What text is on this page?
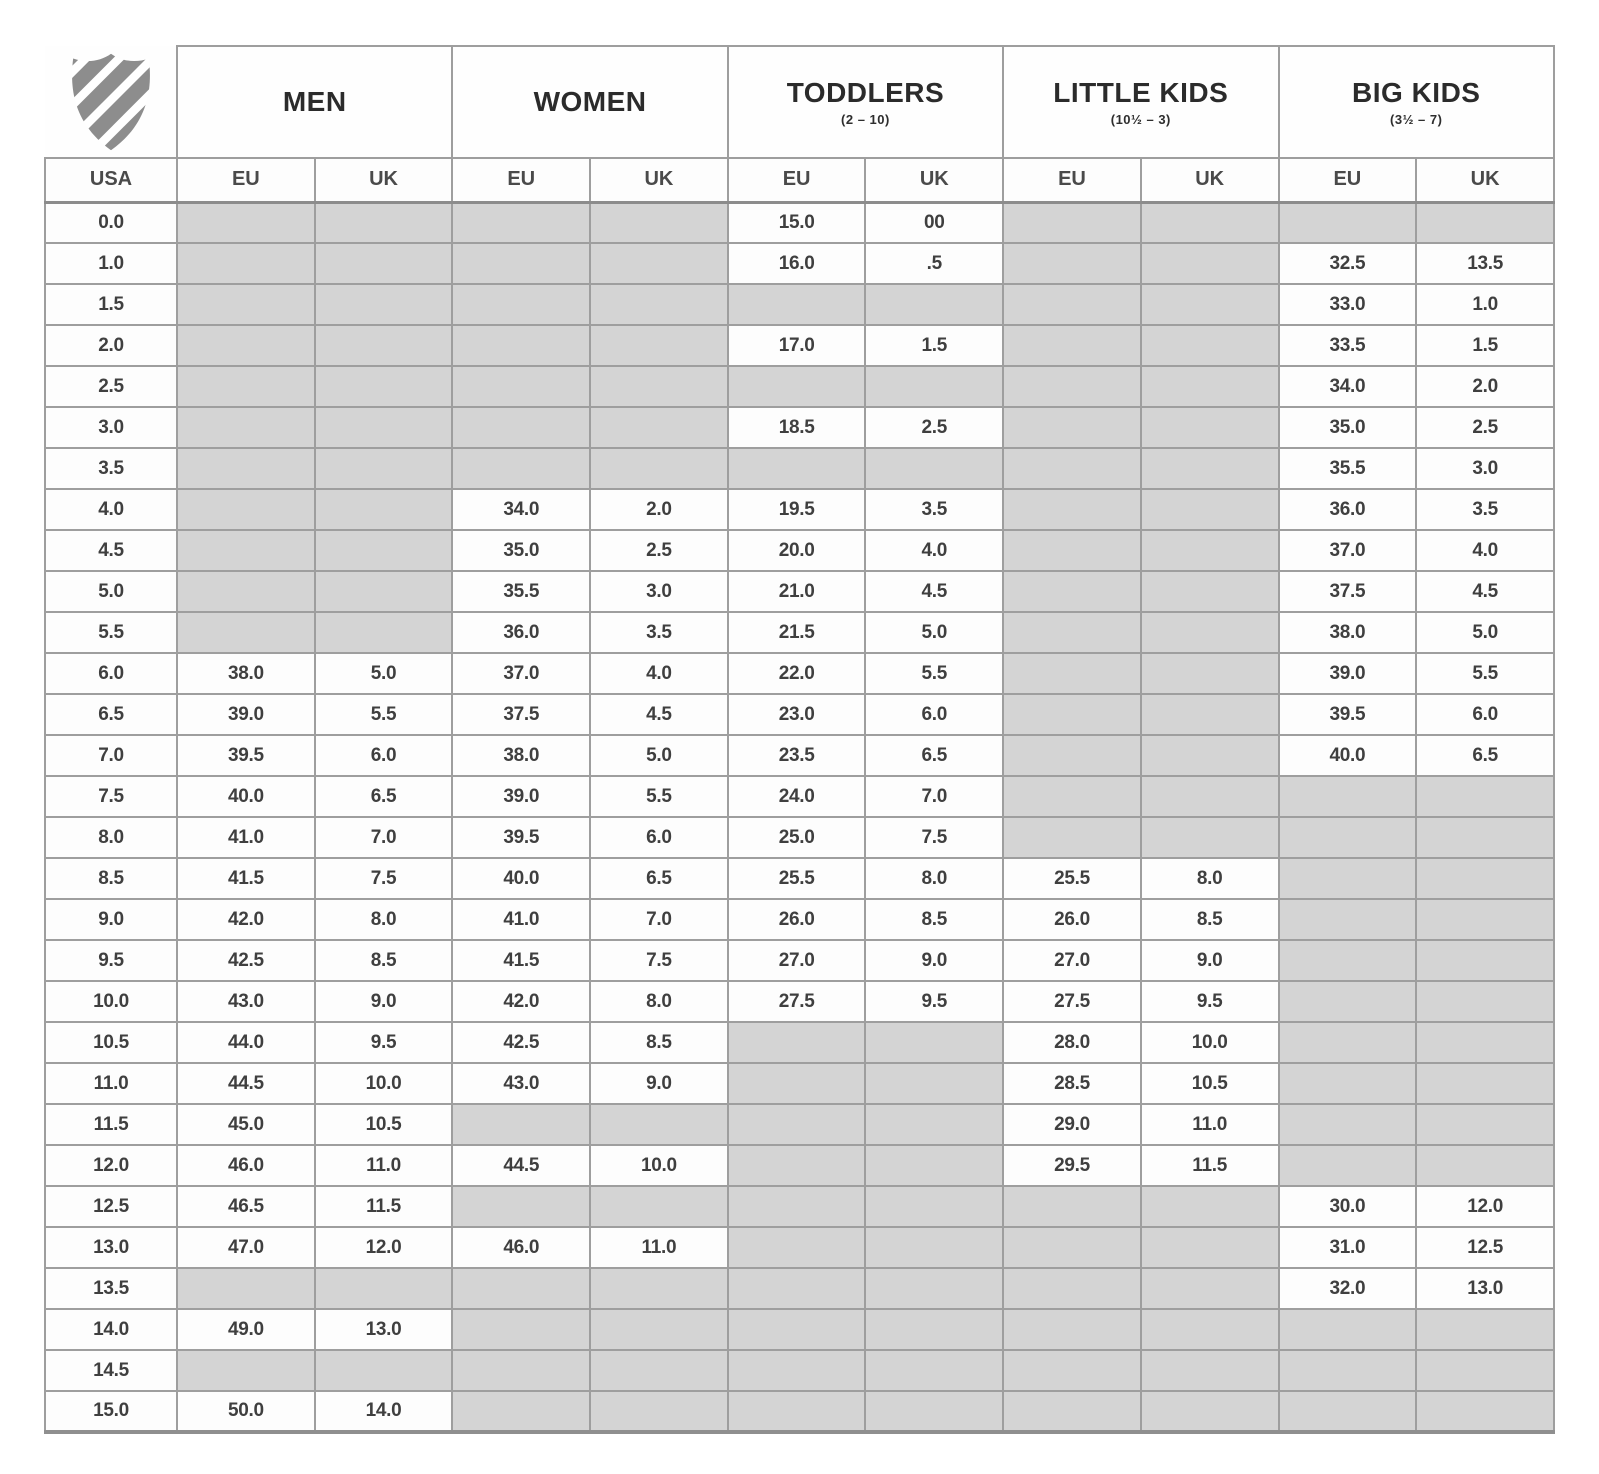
MEN	WOMEN	TODDLERS
(2 – 10)

LITTLE KIDS
(10½ – 3)

BIG KIDS
(3½ – 7)

USA	EU	UK	EU	UK	EU	UK	EU	UK	EU	UK
0.0					15.0	00				
1.0					16.0	.5			32.5	13.5
1.5									33.0	1.0
2.0					17.0	1.5			33.5	1.5
2.5									34.0	2.0
3.0					18.5	2.5			35.0	2.5
3.5									35.5	3.0
4.0			34.0	2.0	19.5	3.5			36.0	3.5
4.5			35.0	2.5	20.0	4.0			37.0	4.0
5.0			35.5	3.0	21.0	4.5			37.5	4.5
5.5			36.0	3.5	21.5	5.0			38.0	5.0
6.0	38.0	5.0	37.0	4.0	22.0	5.5			39.0	5.5
6.5	39.0	5.5	37.5	4.5	23.0	6.0			39.5	6.0
7.0	39.5	6.0	38.0	5.0	23.5	6.5			40.0	6.5
7.5	40.0	6.5	39.0	5.5	24.0	7.0				
8.0	41.0	7.0	39.5	6.0	25.0	7.5				
8.5	41.5	7.5	40.0	6.5	25.5	8.0	25.5	8.0		
9.0	42.0	8.0	41.0	7.0	26.0	8.5	26.0	8.5		
9.5	42.5	8.5	41.5	7.5	27.0	9.0	27.0	9.0		
10.0	43.0	9.0	42.0	8.0	27.5	9.5	27.5	9.5		
10.5	44.0	9.5	42.5	8.5			28.0	10.0		
11.0	44.5	10.0	43.0	9.0			28.5	10.5		
11.5	45.0	10.5					29.0	11.0		
12.0	46.0	11.0	44.5	10.0			29.5	11.5		
12.5	46.5	11.5							30.0	12.0
13.0	47.0	12.0	46.0	11.0					31.0	12.5
13.5									32.0	13.0
14.0	49.0	13.0								
14.5										
15.0	50.0	14.0								
